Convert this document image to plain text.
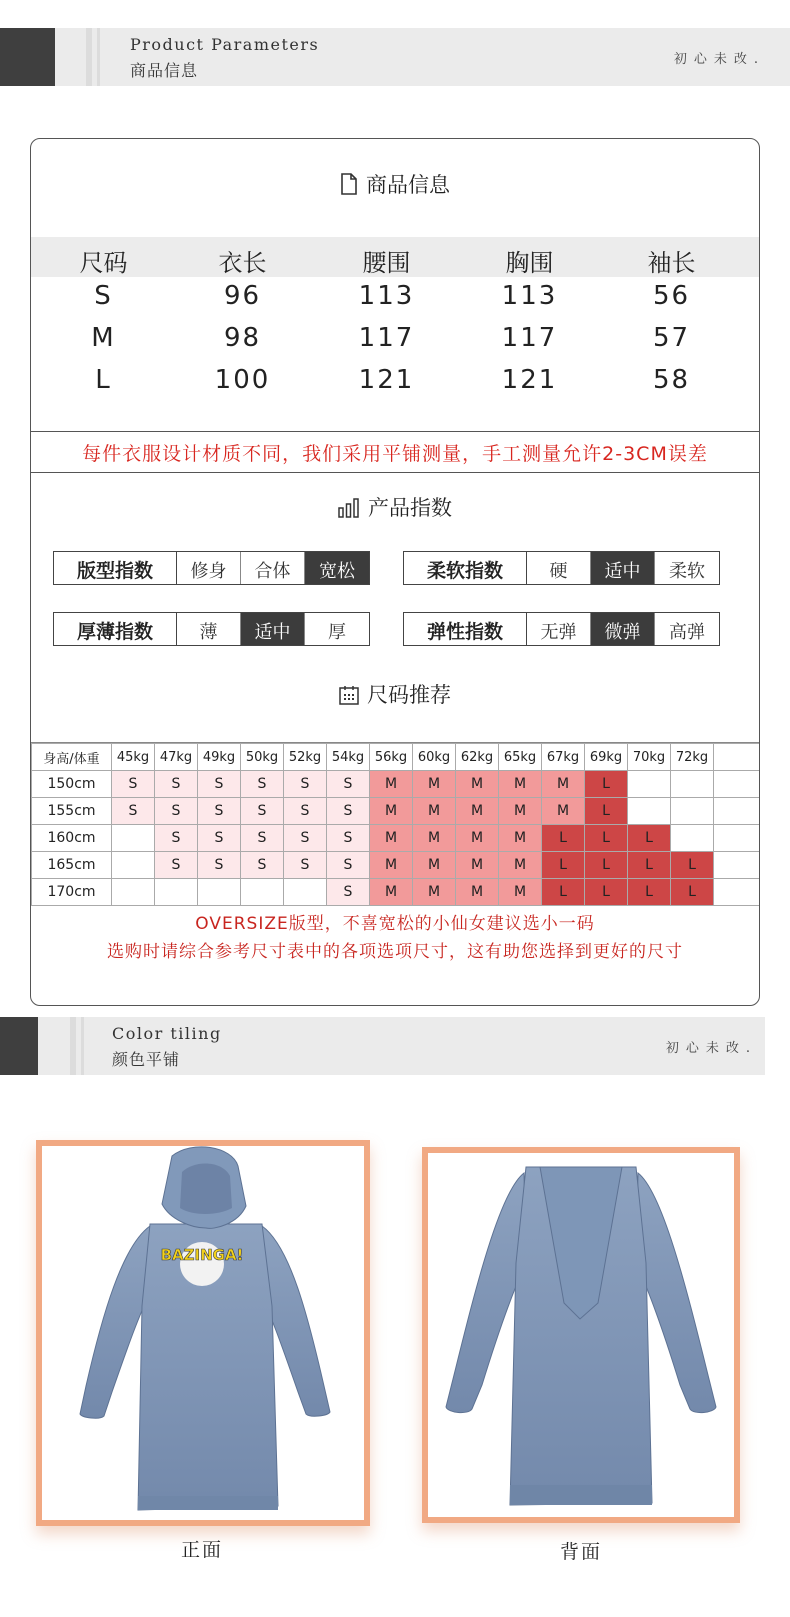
Product Parameters
商品信息
初心未改.
商品信息
尺码	衣长	腰围	胸围	袖长
S	96	113	113	56
M	98	117	117	57
L	100	121	121	58
每件衣服设计材质不同，我们采用平铺测量，手工测量允许2-3CM误差
产品指数
版型指数	修身	合体	宽松	柔软指数	硬	适中	柔软
厚薄指数	薄	适中	厚	弹性指数	无弹	微弹	高弹
尺码推荐
身高/体重	45kg	47kg	49kg	50kg	52kg	54kg	56kg	60kg	62kg	65kg	67kg	69kg	70kg	72kg	
150cm	S	S	S	S	S	S	M	M	M	M	M	L			
155cm	S	S	S	S	S	S	M	M	M	M	M	L			
160cm		S	S	S	S	S	M	M	M	M	L	L	L		
165cm		S	S	S	S	S	M	M	M	M	L	L	L	L	
170cm						S	M	M	M	M	L	L	L	L	
OVERSIZE版型，不喜宽松的小仙女建议选小一码
选购时请综合参考尺寸表中的各项选项尺寸，这有助您选择到更好的尺寸
Color tiling
颜色平铺
初心未改.
BAZINGA!
正面	背面
